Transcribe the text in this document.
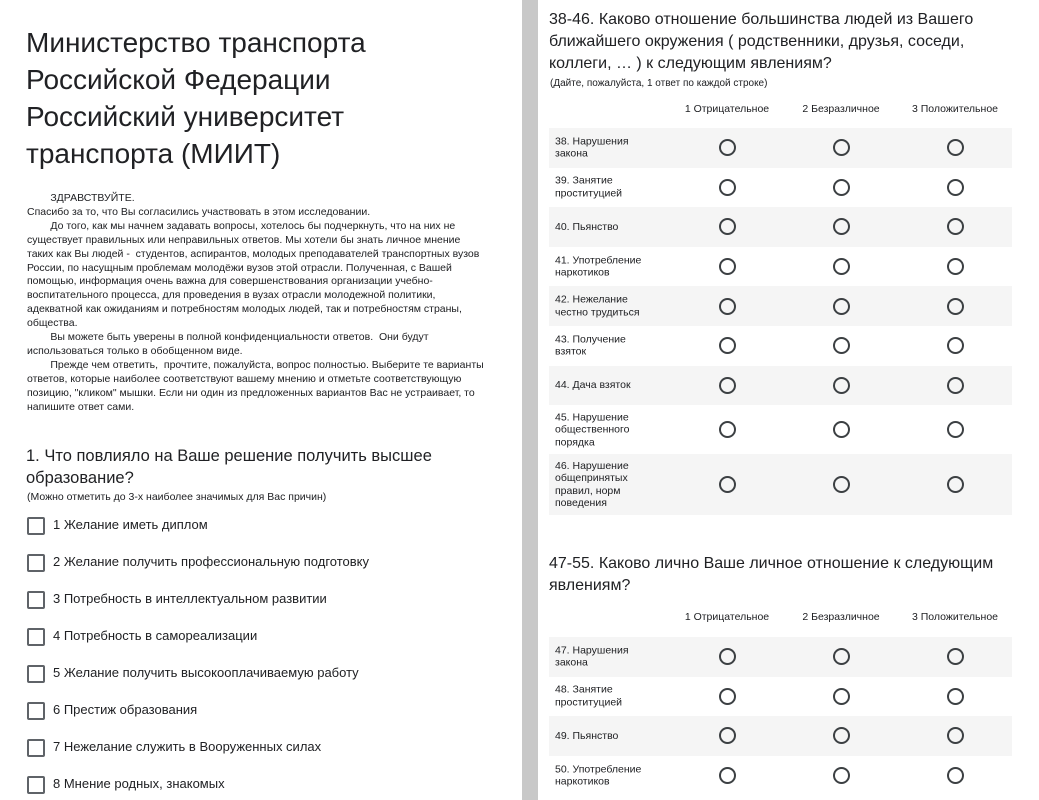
Министерство транспорта
Российской Федерации
Российский университет
транспорта (МИИТ)
ЗДРАВСТВУЙТЕ.
Спасибо за то, что Вы согласились участвовать в этом исследовании.
До того, как мы начнем задавать вопросы, хотелось бы подчеркнуть, что на них не
существует правильных или неправильных ответов. Мы хотели бы знать личное мнение
таких как Вы людей -  студентов, аспирантов, молодых преподавателей транспортных вузов
России, по насущным проблемам молодёжи вузов этой отрасли. Полученная, с Вашей
помощью, информация очень важна для совершенствования организации учебно-
воспитательного процесса, для проведения в вузах отрасли молодежной политики,
адекватной как ожиданиям и потребностям молодых людей, так и потребностям страны,
общества.
Вы можете быть уверены в полной конфиденциальности ответов.  Они будут
использоваться только в обобщенном виде.
Прежде чем ответить,  прочтите, пожалуйста, вопрос полностью. Выберите те варианты
ответов, которые наиболее соответствуют вашему мнению и отметьте соответствующую
позицию, "кликом" мышки. Если ни один из предложенных вариантов Вас не устраивает, то
напишите ответ сами.
1. Что повлияло на Ваше решение получить высшее образование?
(Можно отметить до 3-х наиболее значимых для Вас причин)
1 Желание иметь диплом
2 Желание получить профессиональную подготовку
3 Потребность в интеллектуальном развитии
4 Потребность в самореализации
5 Желание получить высокооплачиваемую работу
6 Престиж образования
7 Нежелание служить в Вооруженных силах
8 Мнение родных, знакомых
38-46. Каково отношение большинства людей из Вашего ближайшего окружения ( родственники, друзья, соседи, коллеги, … ) к следующим явлениям?
(Дайте, пожалуйста, 1 ответ по каждой строке)
1 Отрицательное	2 Безразличное	3 Положительное
38. Нарушения закона
39. Занятие проституцией
40. Пьянство
41. Употребление наркотиков
42. Нежелание честно трудиться
43. Получение взяток
44. Дача взяток
45. Нарушение общественного порядка
46. Нарушение общепринятых правил, норм поведения
47-55. Каково лично Ваше личное отношение к следующим явлениям?
1 Отрицательное	2 Безразличное	3 Положительное
47. Нарушения закона
48. Занятие проституцией
49. Пьянство
50. Употребление наркотиков
